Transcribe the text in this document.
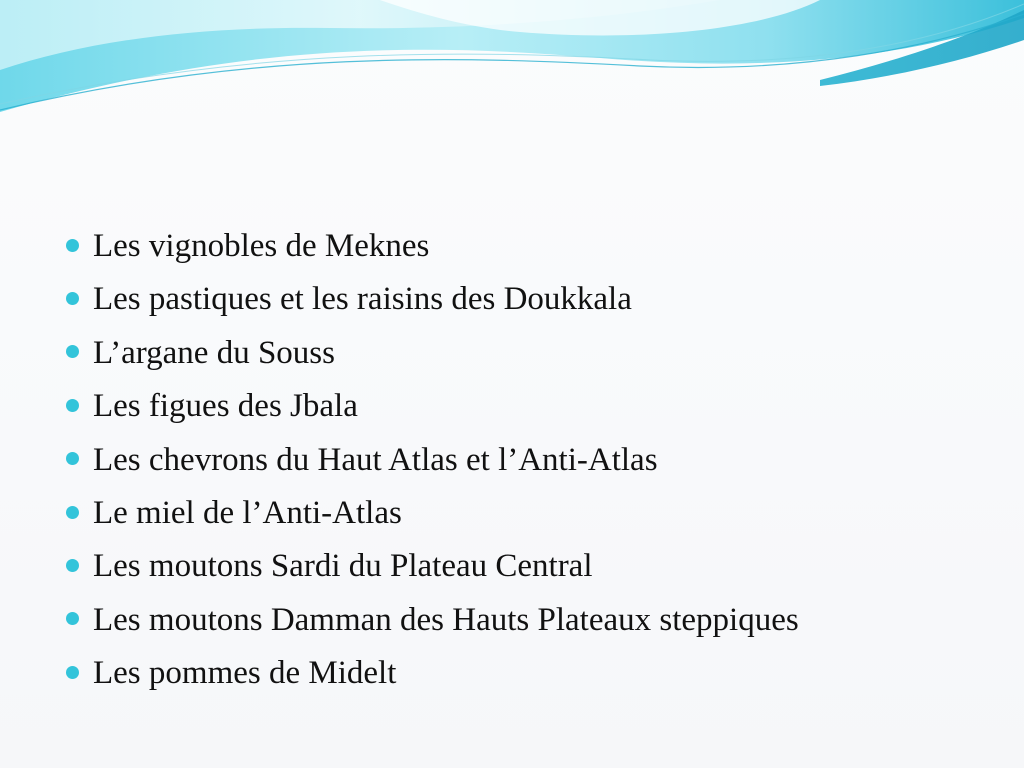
Les vignobles de Meknes
Les pastiques et les raisins des Doukkala
L’argane du Souss
Les figues des Jbala
Les chevrons du Haut Atlas et l’Anti-Atlas
Le miel de l’Anti-Atlas
Les moutons Sardi du Plateau Central
Les moutons Damman des Hauts Plateaux steppiques
Les pommes de Midelt
